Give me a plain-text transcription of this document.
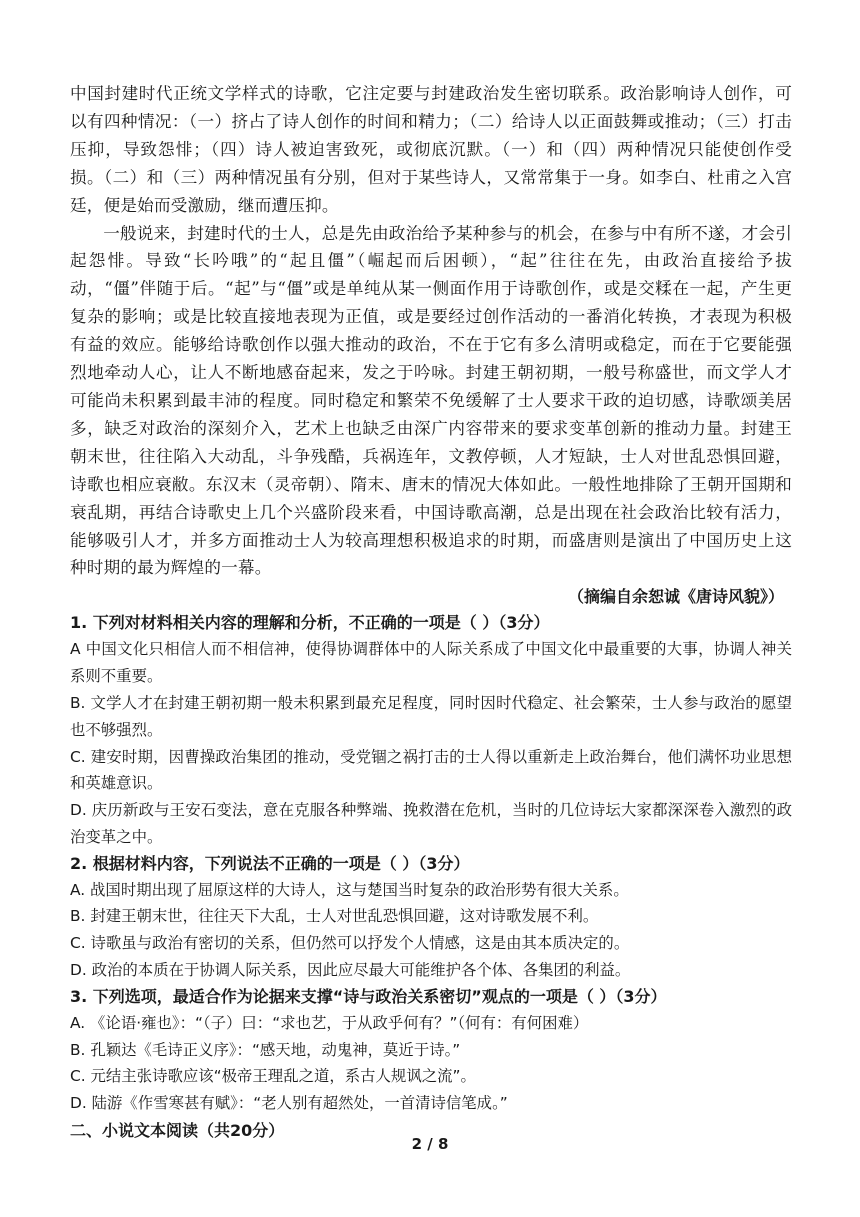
中国封建时代正统文学样式的诗歌，它注定要与封建政治发生密切联系。政治影响诗人创作，可以有四种情况：（一）挤占了诗人创作的时间和精力；（二）给诗人以正面鼓舞或推动；（三）打击压抑，导致怨悱；（四）诗人被迫害致死，或彻底沉默。（一）和（四）两种情况只能使创作受损。（二）和（三）两种情况虽有分别，但对于某些诗人，又常常集于一身。如李白、杜甫之入宫廷，便是始而受激励，继而遭压抑。

一般说来，封建时代的士人，总是先由政治给予某种参与的机会，在参与中有所不遂，才会引起怨悱。导致“长吟哦”的“起且僵”（崛起而后困顿），“起”往往在先，由政治直接给予拔动，“僵”伴随于后。“起”与“僵”或是单纯从某一侧面作用于诗歌创作，或是交糅在一起，产生更复杂的影响；或是比较直接地表现为正值，或是要经过创作活动的一番消化转换，才表现为积极有益的效应。能够给诗歌创作以强大推动的政治，不在于它有多么清明或稳定，而在于它要能强烈地牵动人心，让人不断地感奋起来，发之于吟咏。封建王朝初期，一般号称盛世，而文学人才可能尚未积累到最丰沛的程度。同时稳定和繁荣不免缓解了士人要求干政的迫切感，诗歌颂美居多，缺乏对政治的深刻介入，艺术上也缺乏由深广内容带来的要求变革创新的推动力量。封建王朝末世，往往陷入大动乱，斗争残酷，兵祸连年，文教停顿，人才短缺，士人对世乱恐惧回避，诗歌也相应衰敝。东汉末（灵帝朝）、隋末、唐末的情况大体如此。一般性地排除了王朝开国期和衰乱期，再结合诗歌史上几个兴盛阶段来看，中国诗歌高潮，总是出现在社会政治比较有活力，能够吸引人才，并多方面推动士人为较高理想积极追求的时期，而盛唐则是演出了中国历史上这种时期的最为辉煌的一幕。

（摘编自余恕诚《唐诗风貌》）
1. 下列对材料相关内容的理解和分析，不正确的一项是（ ）（3分）

A 中国文化只相信人而不相信神，使得协调群体中的人际关系成了中国文化中最重要的大事，协调人神关系则不重要。

B. 文学人才在封建王朝初期一般未积累到最充足程度，同时因时代稳定、社会繁荣，士人参与政治的愿望也不够强烈。

C. 建安时期，因曹操政治集团的推动，受党锢之祸打击的士人得以重新走上政治舞台，他们满怀功业思想和英雄意识。

D. 庆历新政与王安石变法，意在克服各种弊端、挽救潜在危机，当时的几位诗坛大家都深深卷入激烈的政治变革之中。

2. 根据材料内容，下列说法不正确的一项是（ ）（3分）

A. 战国时期出现了屈原这样的大诗人，这与楚国当时复杂的政治形势有很大关系。

B. 封建王朝末世，往往天下大乱，士人对世乱恐惧回避，这对诗歌发展不利。

C. 诗歌虽与政治有密切的关系，但仍然可以抒发个人情感，这是由其本质决定的。

D. 政治的本质在于协调人际关系，因此应尽最大可能维护各个体、各集团的利益。

3. 下列选项，最适合作为论据来支撑“诗与政治关系密切”观点的一项是（ ）（3分）

A. 《论语·雍也》：“（子）曰：“求也艺，于从政乎何有？”（何有：有何困难）

B. 孔颖达《毛诗正义序》：“感天地，动鬼神，莫近于诗。”

C. 元结主张诗歌应该“极帝王理乱之道，系古人规讽之流”。

D. 陆游《作雪寒甚有赋》：“老人别有超然处，一首清诗信笔成。”

二、小说文本阅读（共20分）
2 / 8
